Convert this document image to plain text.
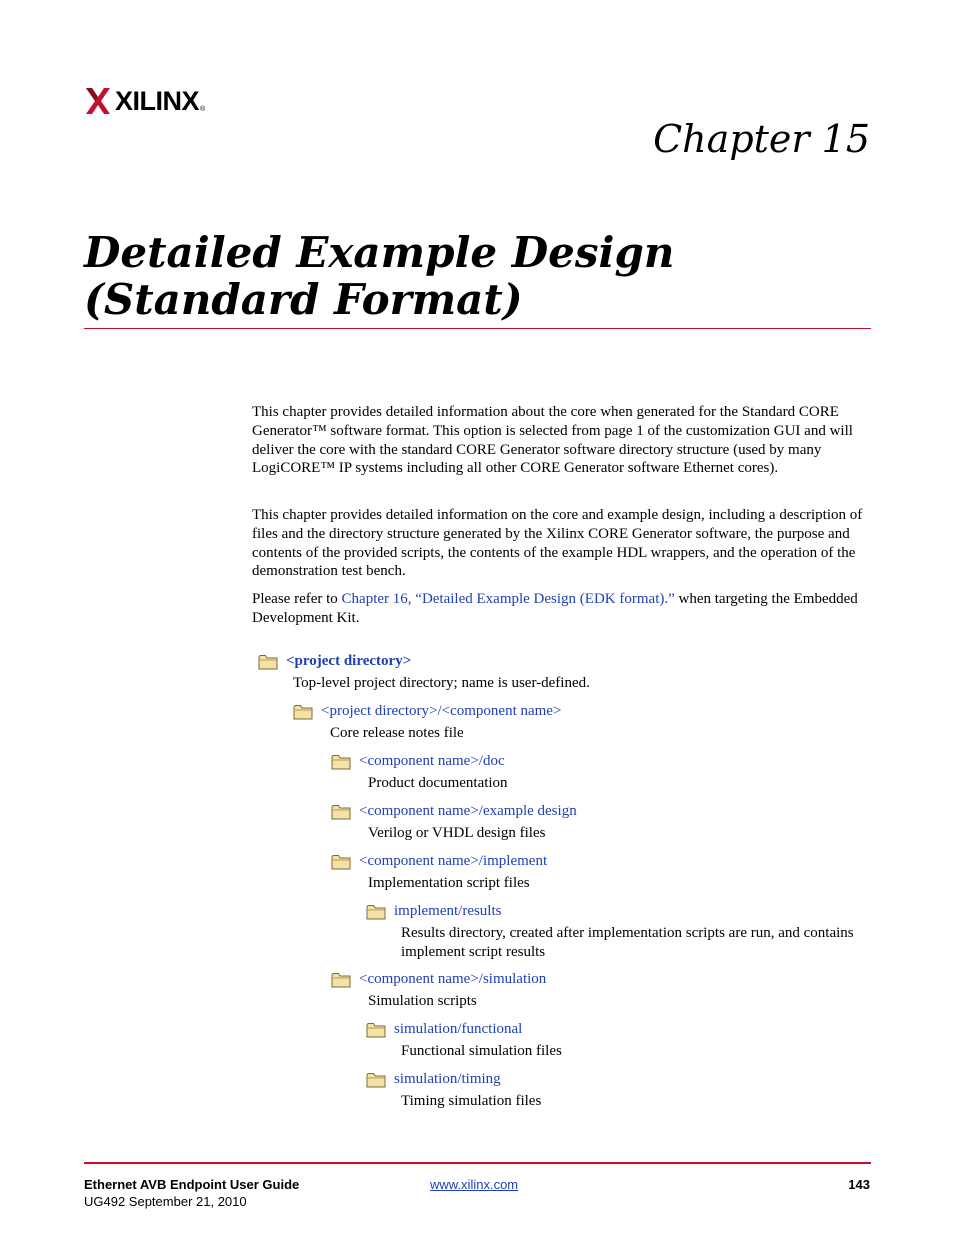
XILINX ®
Chapter 15
Detailed Example Design (Standard Format)
This chapter provides detailed information about the core when generated for the Standard CORE Generator™ software format. This option is selected from page 1 of the customization GUI and will deliver the core with the standard CORE Generator software directory structure (used by many LogiCORE™ IP systems including all other CORE Generator software Ethernet cores).
This chapter provides detailed information on the core and example design, including a description of files and the directory structure generated by the Xilinx CORE Generator software, the purpose and contents of the provided scripts, the contents of the example HDL wrappers, and the operation of the demonstration test bench.
Please refer to Chapter 16, “Detailed Example Design (EDK format).” when targeting the Embedded Development Kit.
<project directory>
Top-level project directory; name is user-defined.
<project directory>/<component name>
Core release notes file
<component name>/doc
Product documentation
<component name>/example design
Verilog or VHDL design files
<component name>/implement
Implementation script files
implement/results
Results directory, created after implementation scripts are run, and contains implement script results
<component name>/simulation
Simulation scripts
simulation/functional
Functional simulation files
simulation/timing
Timing simulation files
Ethernet AVB Endpoint User Guide
UG492 September 21, 2010
www.xilinx.com	143
